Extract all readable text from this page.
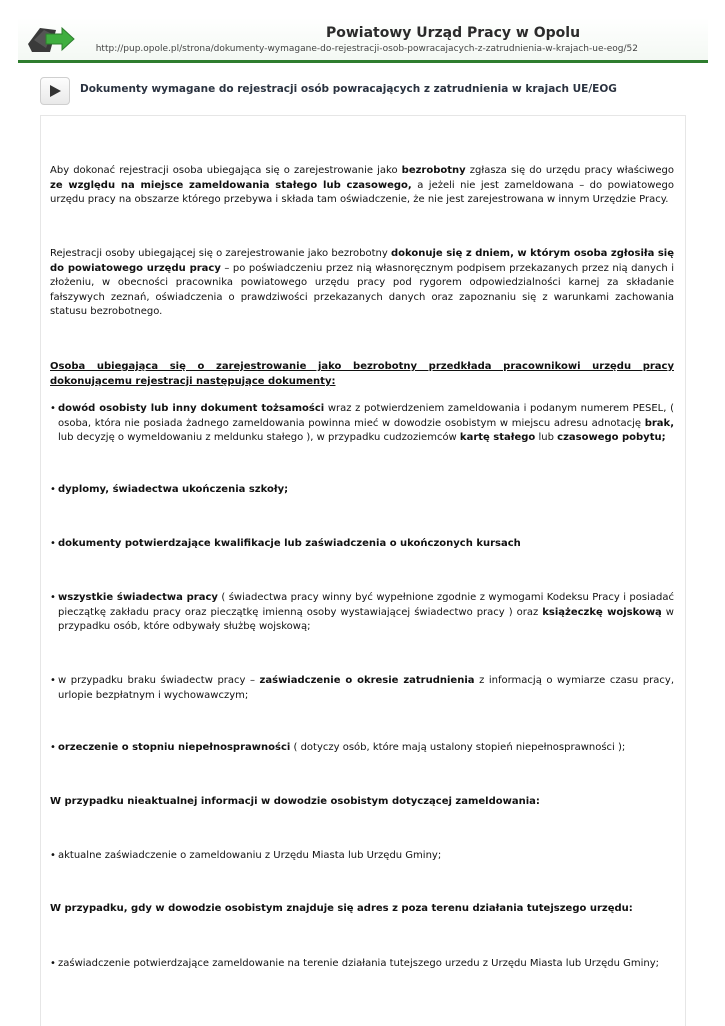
Powiatowy Urząd Pracy w Opolu
http://pup.opole.pl/strona/dokumenty-wymagane-do-rejestracji-osob-powracajacych-z-zatrudnienia-w-krajach-ue-eog/52
Dokumenty wymagane do rejestracji osób powracających z zatrudnienia w krajach UE/EOG
Aby dokonać rejestracji osoba ubiegająca się o zarejestrowanie jako bezrobotny zgłasza się do urzędu pracy właściwego ze względu na miejsce zameldowania stałego lub czasowego, a jeżeli nie jest zameldowana – do powiatowego urzędu pracy na obszarze którego przebywa i składa tam oświadczenie, że nie jest zarejestrowana w innym Urzędzie Pracy.
Rejestracji osoby ubiegającej się o zarejestrowanie jako bezrobotny dokonuje się z dniem, w którym osoba zgłosiła się do powiatowego urzędu pracy – po poświadczeniu przez nią własnoręcznym podpisem przekazanych przez nią danych i złożeniu, w obecności pracownika powiatowego urzędu pracy pod rygorem odpowiedzialności karnej za składanie fałszywych zeznań, oświadczenia o prawdziwości przekazanych danych oraz zapoznaniu się z warunkami zachowania statusu bezrobotnego.
Osoba ubiegająca się o zarejestrowanie jako bezrobotny przedkłada pracownikowi urzędu pracy dokonującemu rejestracji następujące dokumenty:
• dowód osobisty lub inny dokument tożsamości wraz z potwierdzeniem zameldowania i podanym numerem PESEL, ( osoba, która nie posiada żadnego zameldowania powinna mieć w dowodzie osobistym w miejscu adresu adnotację brak, lub decyzję o wymeldowaniu z meldunku stałego ), w przypadku cudzoziemców kartę stałego lub czasowego pobytu;
• dyplomy, świadectwa ukończenia szkoły;
• dokumenty potwierdzające kwalifikacje lub zaświadczenia o ukończonych kursach
• wszystkie świadectwa pracy ( świadectwa pracy winny być wypełnione zgodnie z wymogami Kodeksu Pracy i posiadać pieczątkę zakładu pracy oraz pieczątkę imienną osoby wystawiającej świadectwo pracy ) oraz książeczkę wojskową w przypadku osób, które odbywały służbę wojskową;
• w przypadku braku świadectw pracy – zaświadczenie o okresie zatrudnienia z informacją o wymiarze czasu pracy, urlopie bezpłatnym i wychowawczym;
• orzeczenie o stopniu niepełnosprawności ( dotyczy osób, które mają ustalony stopień niepełnosprawności );
W przypadku nieaktualnej informacji w dowodzie osobistym dotyczącej zameldowania:
• aktualne zaświadczenie o zameldowaniu z Urzędu Miasta lub Urzędu Gminy;
W przypadku, gdy w dowodzie osobistym znajduje się adres z poza terenu działania tutejszego urzędu:
• zaświadczenie potwierdzające zameldowanie na terenie działania tutejszego urzedu z Urzędu Miasta lub Urzędu Gminy;
